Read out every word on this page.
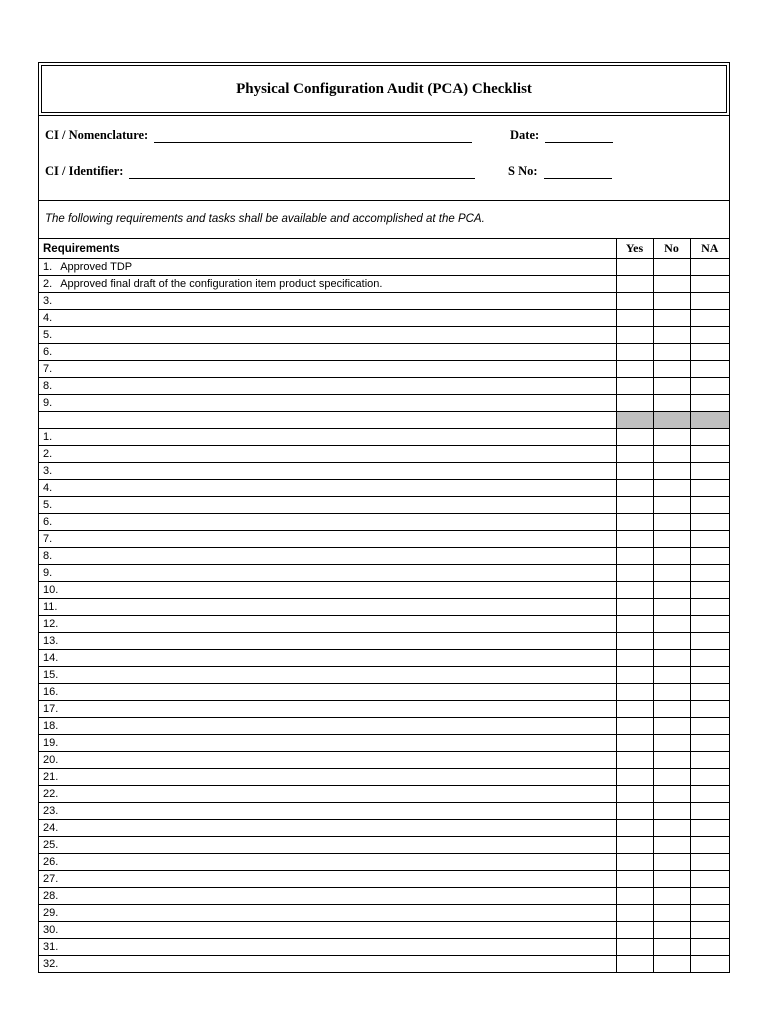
Physical Configuration Audit (PCA) Checklist
CI / Nomenclature:	Date:
CI / Identifier:	S No:
The following requirements and tasks shall be available and accomplished at the PCA.
Requirements	Yes	No	NA
1. Approved TDP			
2. Approved final draft of the configuration item product specification.			
3.			
4.			
5.			
6.			
7.			
8.			
9.			

1.			
2.			
3.			
4.			
5.			
6.			
7.			
8.			
9.			
10.			
11.			
12.			
13.			
14.			
15.			
16.			
17.			
18.			
19.			
20.			
21.			
22.			
23.			
24.			
25.			
26.			
27.			
28.			
29.			
30.			
31.			
32.			
